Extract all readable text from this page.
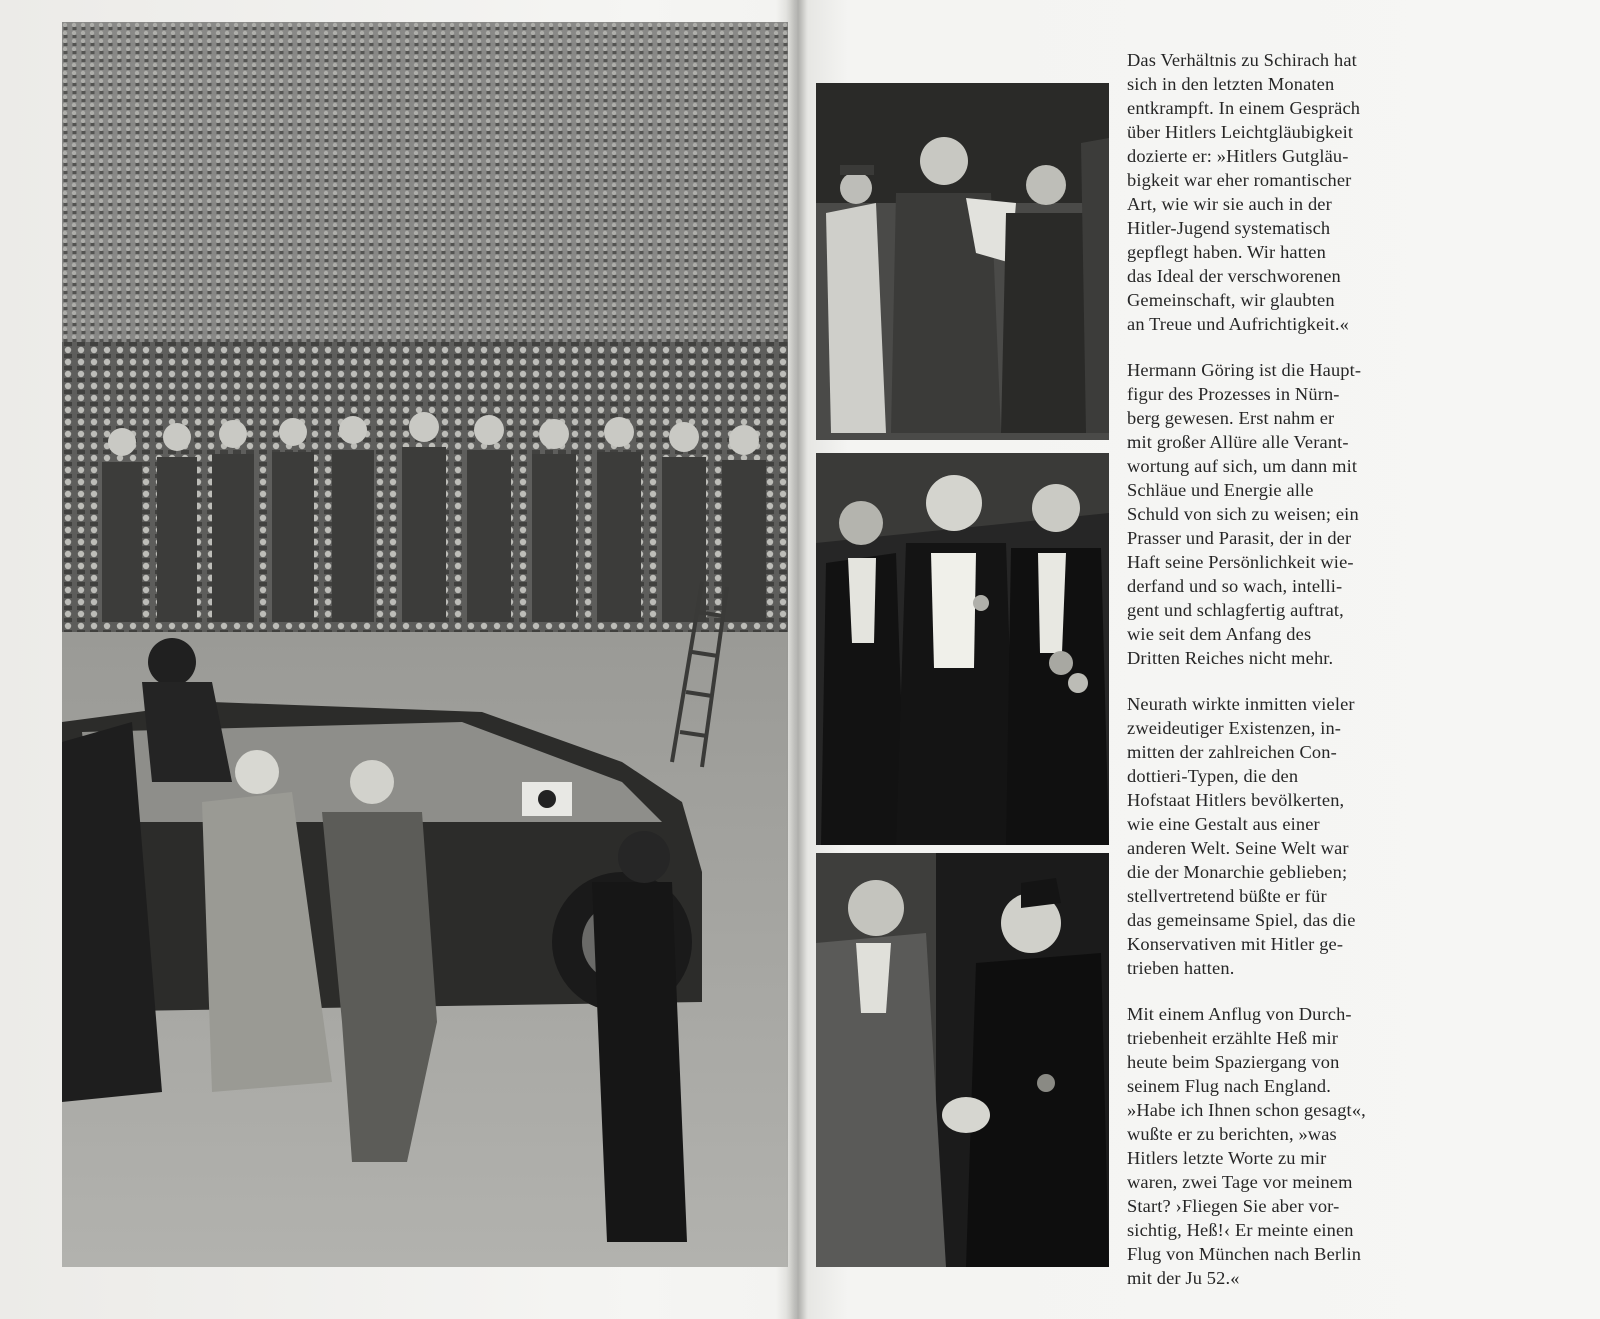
Das Verhältnis zu Schirach hat
sich in den letzten Monaten
entkrampft. In einem Gespräch
über Hitlers Leichtgläubigkeit
dozierte er: »Hitlers Gutgläu-
bigkeit war eher romantischer
Art, wie wir sie auch in der
Hitler-Jugend systematisch
gepflegt haben. Wir hatten
das Ideal der verschworenen
Gemeinschaft, wir glaubten
an Treue und Aufrichtigkeit.«

Hermann Göring ist die Haupt-
figur des Prozesses in Nürn-
berg gewesen. Erst nahm er
mit großer Allüre alle Verant-
wortung auf sich, um dann mit
Schläue und Energie alle
Schuld von sich zu weisen; ein
Prasser und Parasit, der in der
Haft seine Persönlichkeit wie-
derfand und so wach, intelli-
gent und schlagfertig auftrat,
wie seit dem Anfang des
Dritten Reiches nicht mehr.

Neurath wirkte inmitten vieler
zweideutiger Existenzen, in-
mitten der zahlreichen Con-
dottieri-Typen, die den
Hofstaat Hitlers bevölkerten,
wie eine Gestalt aus einer
anderen Welt. Seine Welt war
die der Monarchie geblieben;
stellvertretend büßte er für
das gemeinsame Spiel, das die
Konservativen mit Hitler ge-
trieben hatten.

Mit einem Anflug von Durch-
triebenheit erzählte Heß mir
heute beim Spaziergang von
seinem Flug nach England.
»Habe ich Ihnen schon gesagt«,
wußte er zu berichten, »was
Hitlers letzte Worte zu mir
waren, zwei Tage vor meinem
Start? ›Fliegen Sie aber vor-
sichtig, Heß!‹ Er meinte einen
Flug von München nach Berlin
mit der Ju 52.«
